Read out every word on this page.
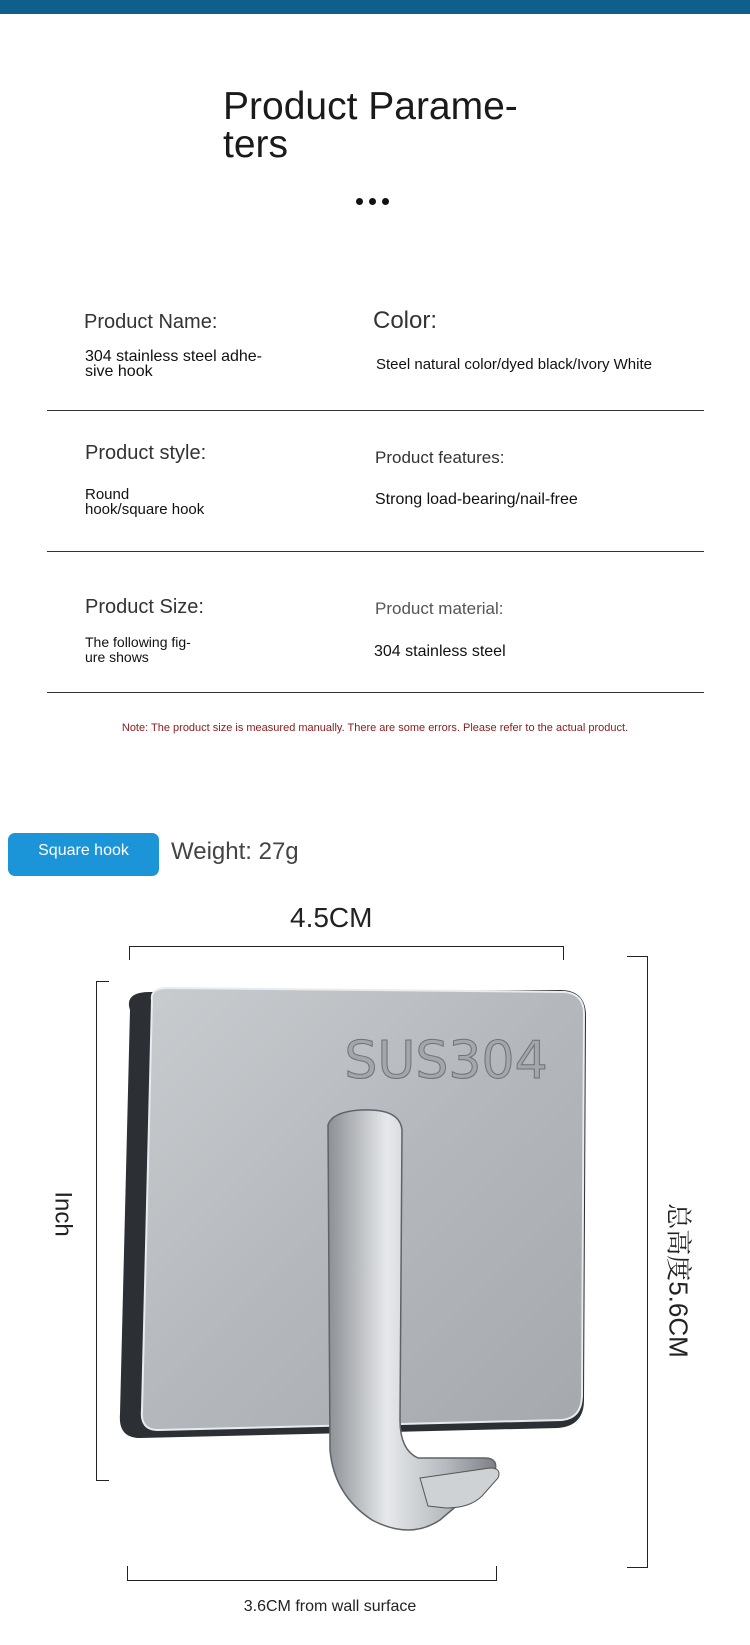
Product Parame-
ters
Product Name:
304 stainless steel adhe-
sive hook
Color:
Steel natural color/dyed black/Ivory White
Product style:
Round
hook/square hook
Product features:
Strong load-bearing/nail-free
Product Size:
The following fig-
ure shows
Product material:
304 stainless steel
Note: The product size is measured manually. There are some errors. Please refer to the actual product.
Square hook	Weight: 27g
4.5CM
Inch	总高度5.6CM
3.6CM from wall surface
SUS304
